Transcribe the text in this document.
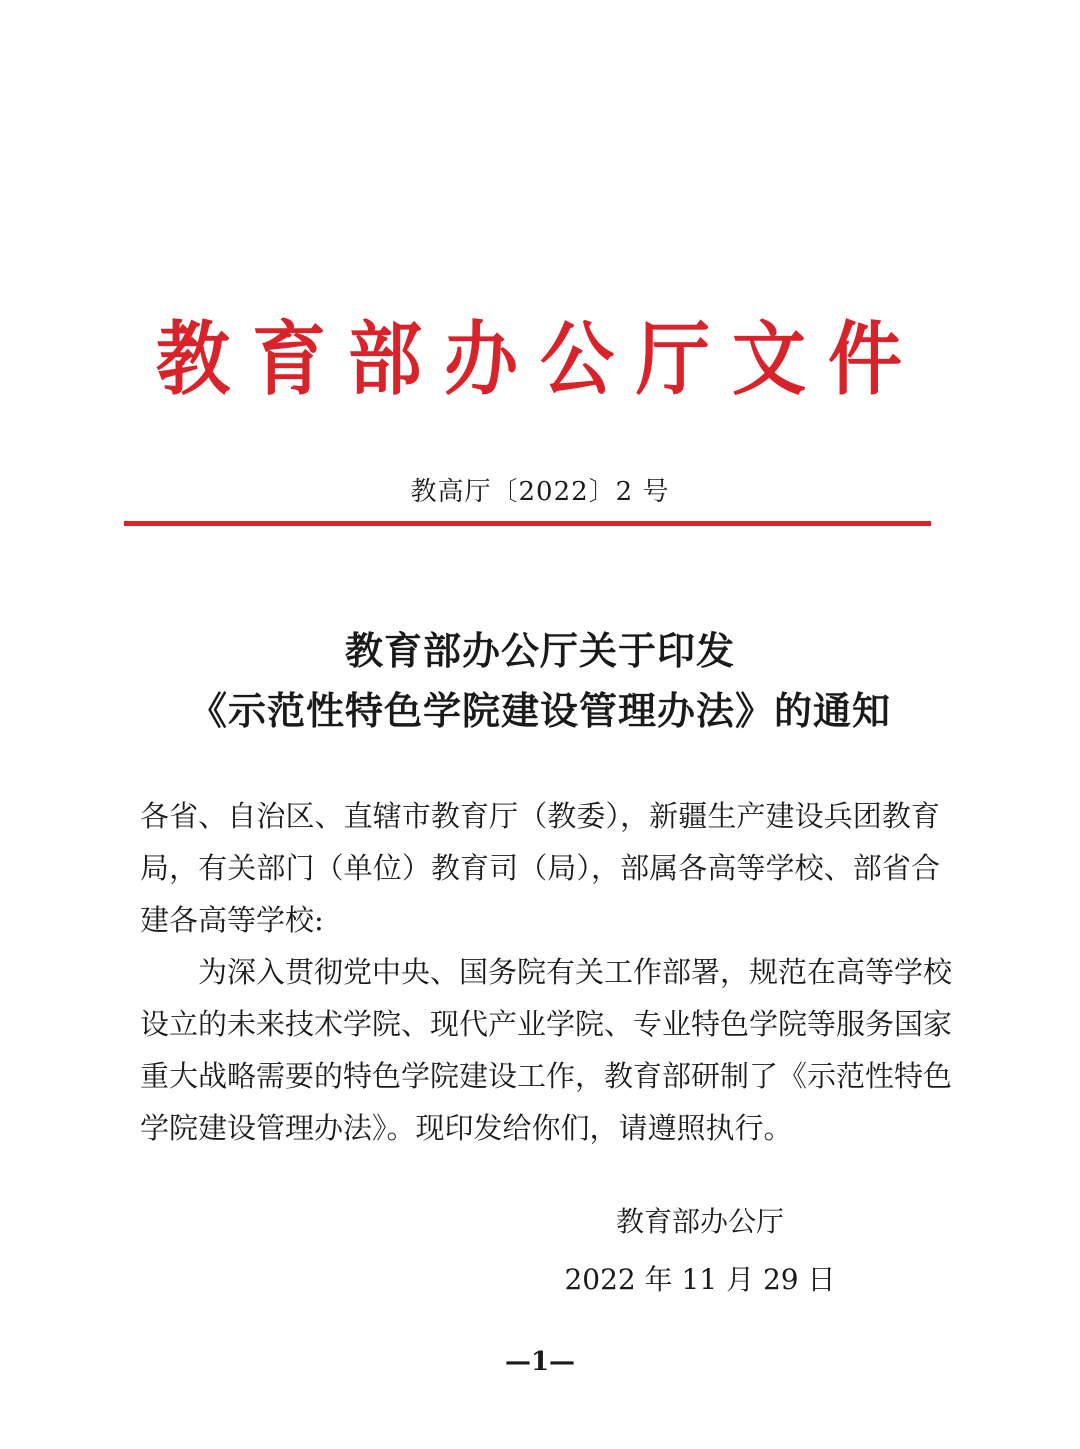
教育部办公厅文件
教高厅〔2022〕2 号
教育部办公厅关于印发
《示范性特色学院建设管理办法》的通知
各省、自治区、直辖市教育厅（教委），新疆生产建设兵团教育
局，有关部门（单位）教育司（局），部属各高等学校、部省合
建各高等学校:
为深入贯彻党中央、国务院有关工作部署，规范在高等学校
设立的未来技术学院、现代产业学院、专业特色学院等服务国家
重大战略需要的特色学院建设工作，教育部研制了《示范性特色
学院建设管理办法》。现印发给你们，请遵照执行。
教育部办公厅
2022 年 11 月 29 日
—1—
